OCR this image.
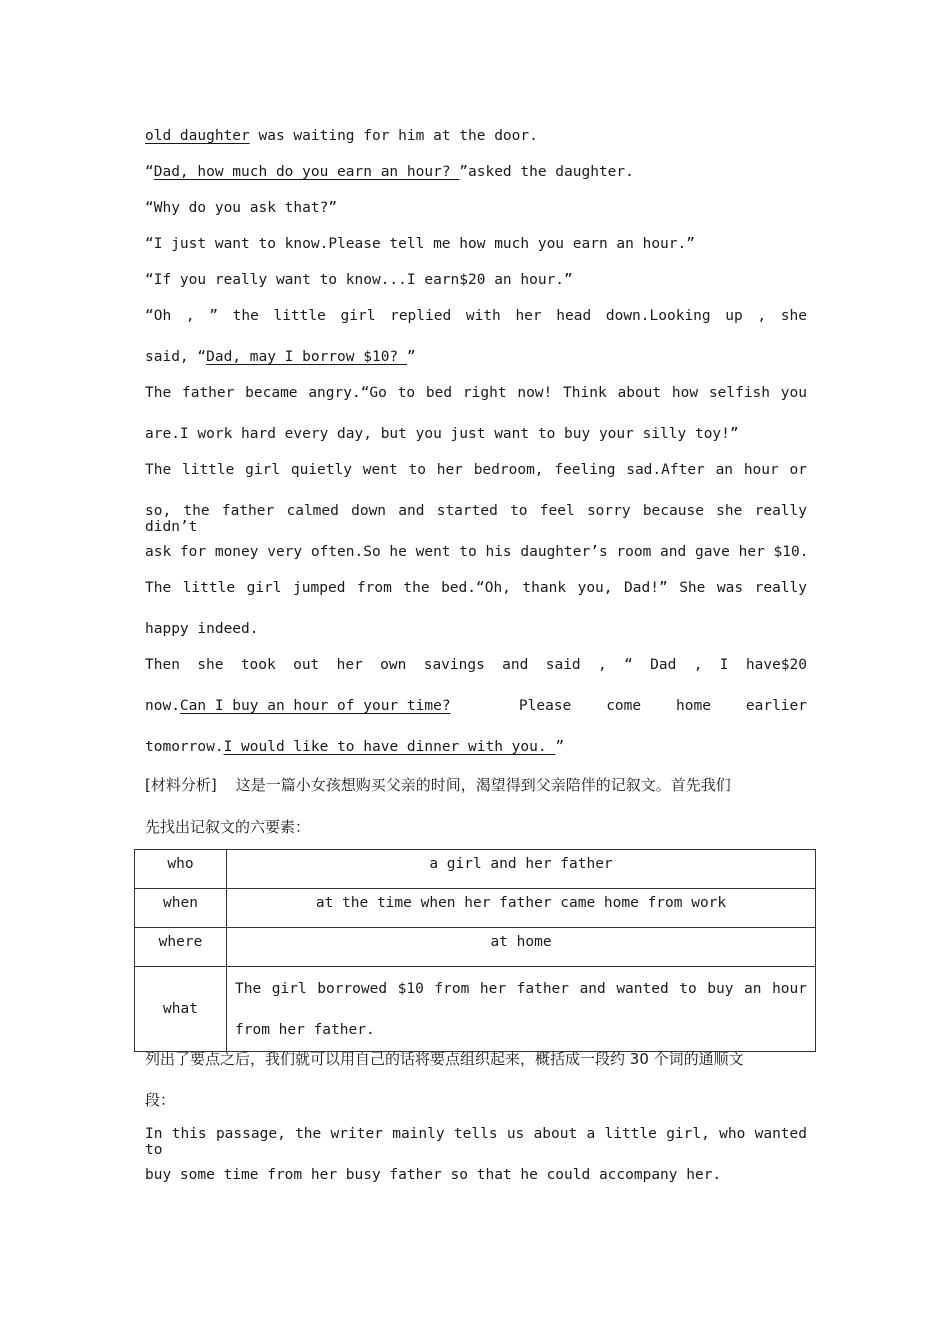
old daughter was waiting for him at the door.
“Dad, how much do you earn an hour? ”asked the daughter.
“Why do you ask that?”
“I just want to know.Please tell me how much you earn an hour.”
“If you really want to know...I earn$20 an hour.”
“Oh , ” the little girl replied with her head down.Looking up , she
said, “Dad, may I borrow $10? ”
The father became angry.“Go to bed right now! Think about how selfish you
are.I work hard every day, but you just want to buy your silly toy!”
The little girl quietly went to her bedroom, feeling sad.After an hour or
so, the father calmed down and started to feel sorry because she really didn’t
ask for money very often.So he went to his daughter’s room and gave her $10.
The little girl jumped from the bed.“Oh, thank you, Dad!” She was really
happy indeed.
Then she took out her own savings and said , “ Dad , I have$20
now.Can I buy an hour of your time?	Please    come    home    earlier
tomorrow.I would like to have dinner with you. ”
[材料分析]    这是一篇小女孩想购买父亲的时间，渴望得到父亲陪伴的记叙文。首先我们
先找出记叙文的六要素：
who	a girl and her father
when	at the time when her father came home from work
where	at home
what	The girl borrowed $10 from her father and wanted to buy an hour from her father.
列出了要点之后，我们就可以用自己的话将要点组织起来，概括成一段约 30 个词的通顺文
段：
In this passage, the writer mainly tells us about a little girl, who wanted to
buy some time from her busy father so that he could accompany her.
